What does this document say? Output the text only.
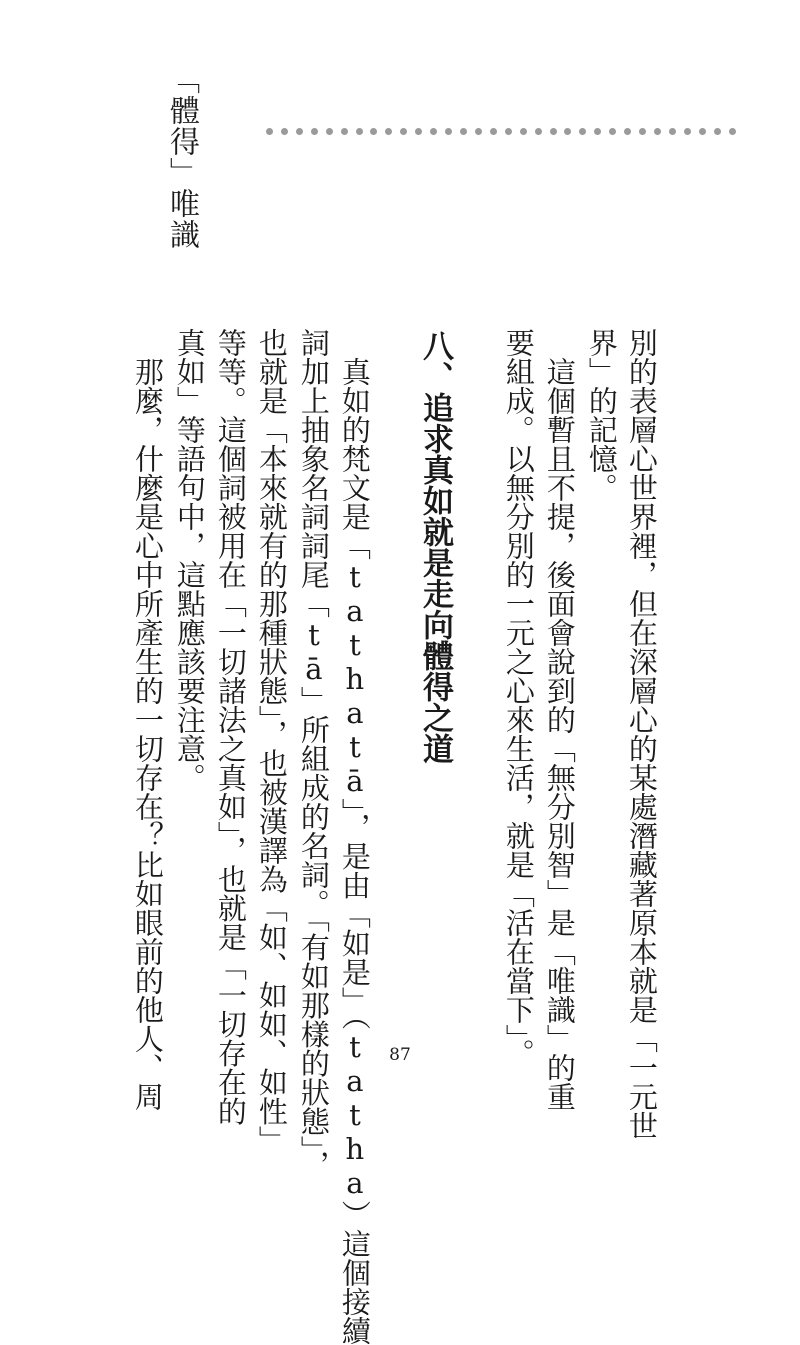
「體得」唯識
別的表層心世界裡，但在深層心的某處潛藏著原本就是「一元世
界」的記憶。
　這個暫且不提，後面會說到的「無分別智」是「唯識」的重
要組成。以無分別的一元之心來生活，就是「活在當下」。
八、追求真如就是走向體得之道
　真如的梵文是「tathatā」，是由「如是」（tatha）這個接續
詞加上抽象名詞詞尾「tā」所組成的名詞。「有如那樣的狀態」，
也就是「本來就有的那種狀態」，也被漢譯為「如、如如、如性」
等等。這個詞被用在「一切諸法之真如」，也就是「一切存在的
真如」等語句中，這點應該要注意。
　那麼，什麼是心中所產生的一切存在？比如眼前的他人、周	87
